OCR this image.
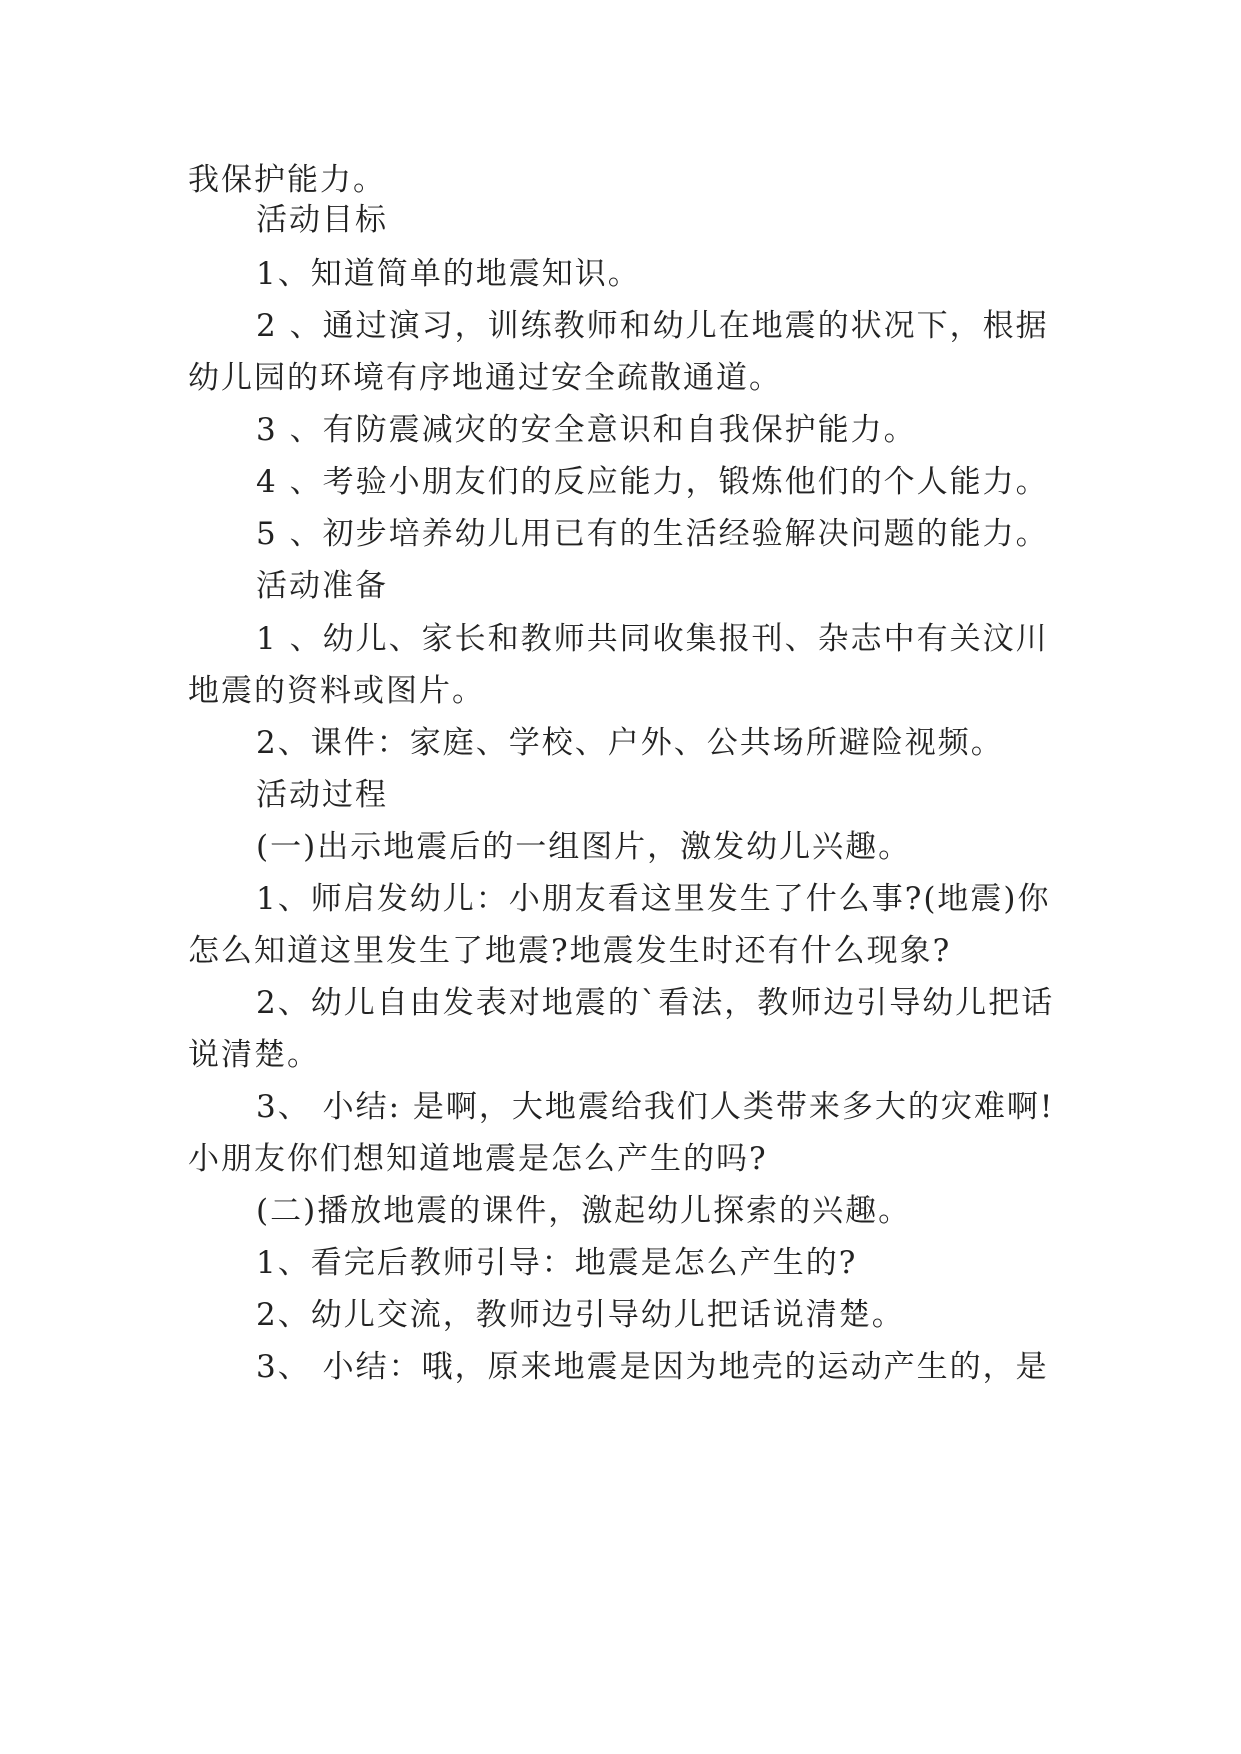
我保护能力。
活动目标
1、知道简单的地震知识。
2 、通过演习，训练教师和幼儿在地震的状况下，根据
幼儿园的环境有序地通过安全疏散通道。
3 、有防震减灾的安全意识和自我保护能力。
4 、考验小朋友们的反应能力，锻炼他们的个人能力。
5 、初步培养幼儿用已有的生活经验解决问题的能力。
活动准备
1 、幼儿、家长和教师共同收集报刊、杂志中有关汶川
地震的资料或图片。
2、课件：家庭、学校、户外、公共场所避险视频。
活动过程
(一)出示地震后的一组图片，激发幼儿兴趣。
1、师启发幼儿：小朋友看这里发生了什么事?(地震)你
怎么知道这里发生了地震?地震发生时还有什么现象?
2、幼儿自由发表对地震的`看法，教师边引导幼儿把话
说清楚。
3、 小结: 是啊，大地震给我们人类带来多大的灾难啊!
小朋友你们想知道地震是怎么产生的吗?
(二)播放地震的课件，激起幼儿探索的兴趣。
1、看完后教师引导：地震是怎么产生的?
2、幼儿交流，教师边引导幼儿把话说清楚。
3、 小结：哦，原来地震是因为地壳的运动产生的，是
